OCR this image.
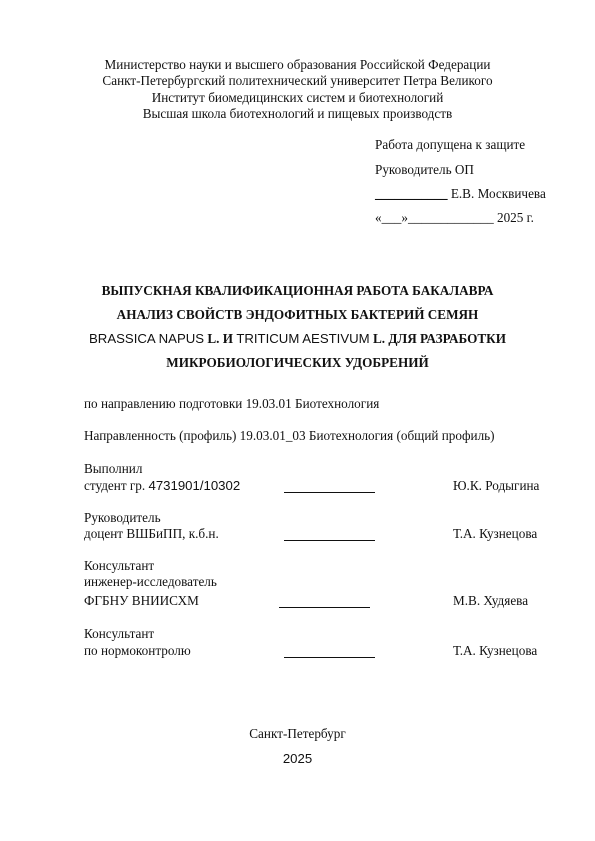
Министерство науки и высшего образования Российской Федерации
Санкт-Петербургский политехнический университет Петра Великого
Институт биомедицинских систем и биотехнологий
Высшая школа биотехнологий и пищевых производств
Работа допущена к защите
Руководитель ОП
___________ Е.В. Москвичева
«___»_____________ 2025 г.
ВЫПУСКНАЯ КВАЛИФИКАЦИОННАЯ РАБОТА БАКАЛАВРА
АНАЛИЗ СВОЙСТВ ЭНДОФИТНЫХ БАКТЕРИЙ СЕМЯН
BRASSICA NAPUS L. И TRITICUM AESTIVUM L. ДЛЯ РАЗРАБОТКИ
МИКРОБИОЛОГИЧЕСКИХ УДОБРЕНИЙ
по направлению подготовки 19.03.01 Биотехнология
Направленность (профиль) 19.03.01_03 Биотехнология (общий профиль)
Выполнил
студент гр. 4731901/10302	Ю.К. Родыгина
Руководитель
доцент ВШБиПП, к.б.н.	Т.А. Кузнецова
Консультант
инженер-исследователь
ФГБНУ ВНИИСХМ	М.В. Худяева
Консультант
по нормоконтролю	Т.А. Кузнецова
Санкт-Петербург
2025
